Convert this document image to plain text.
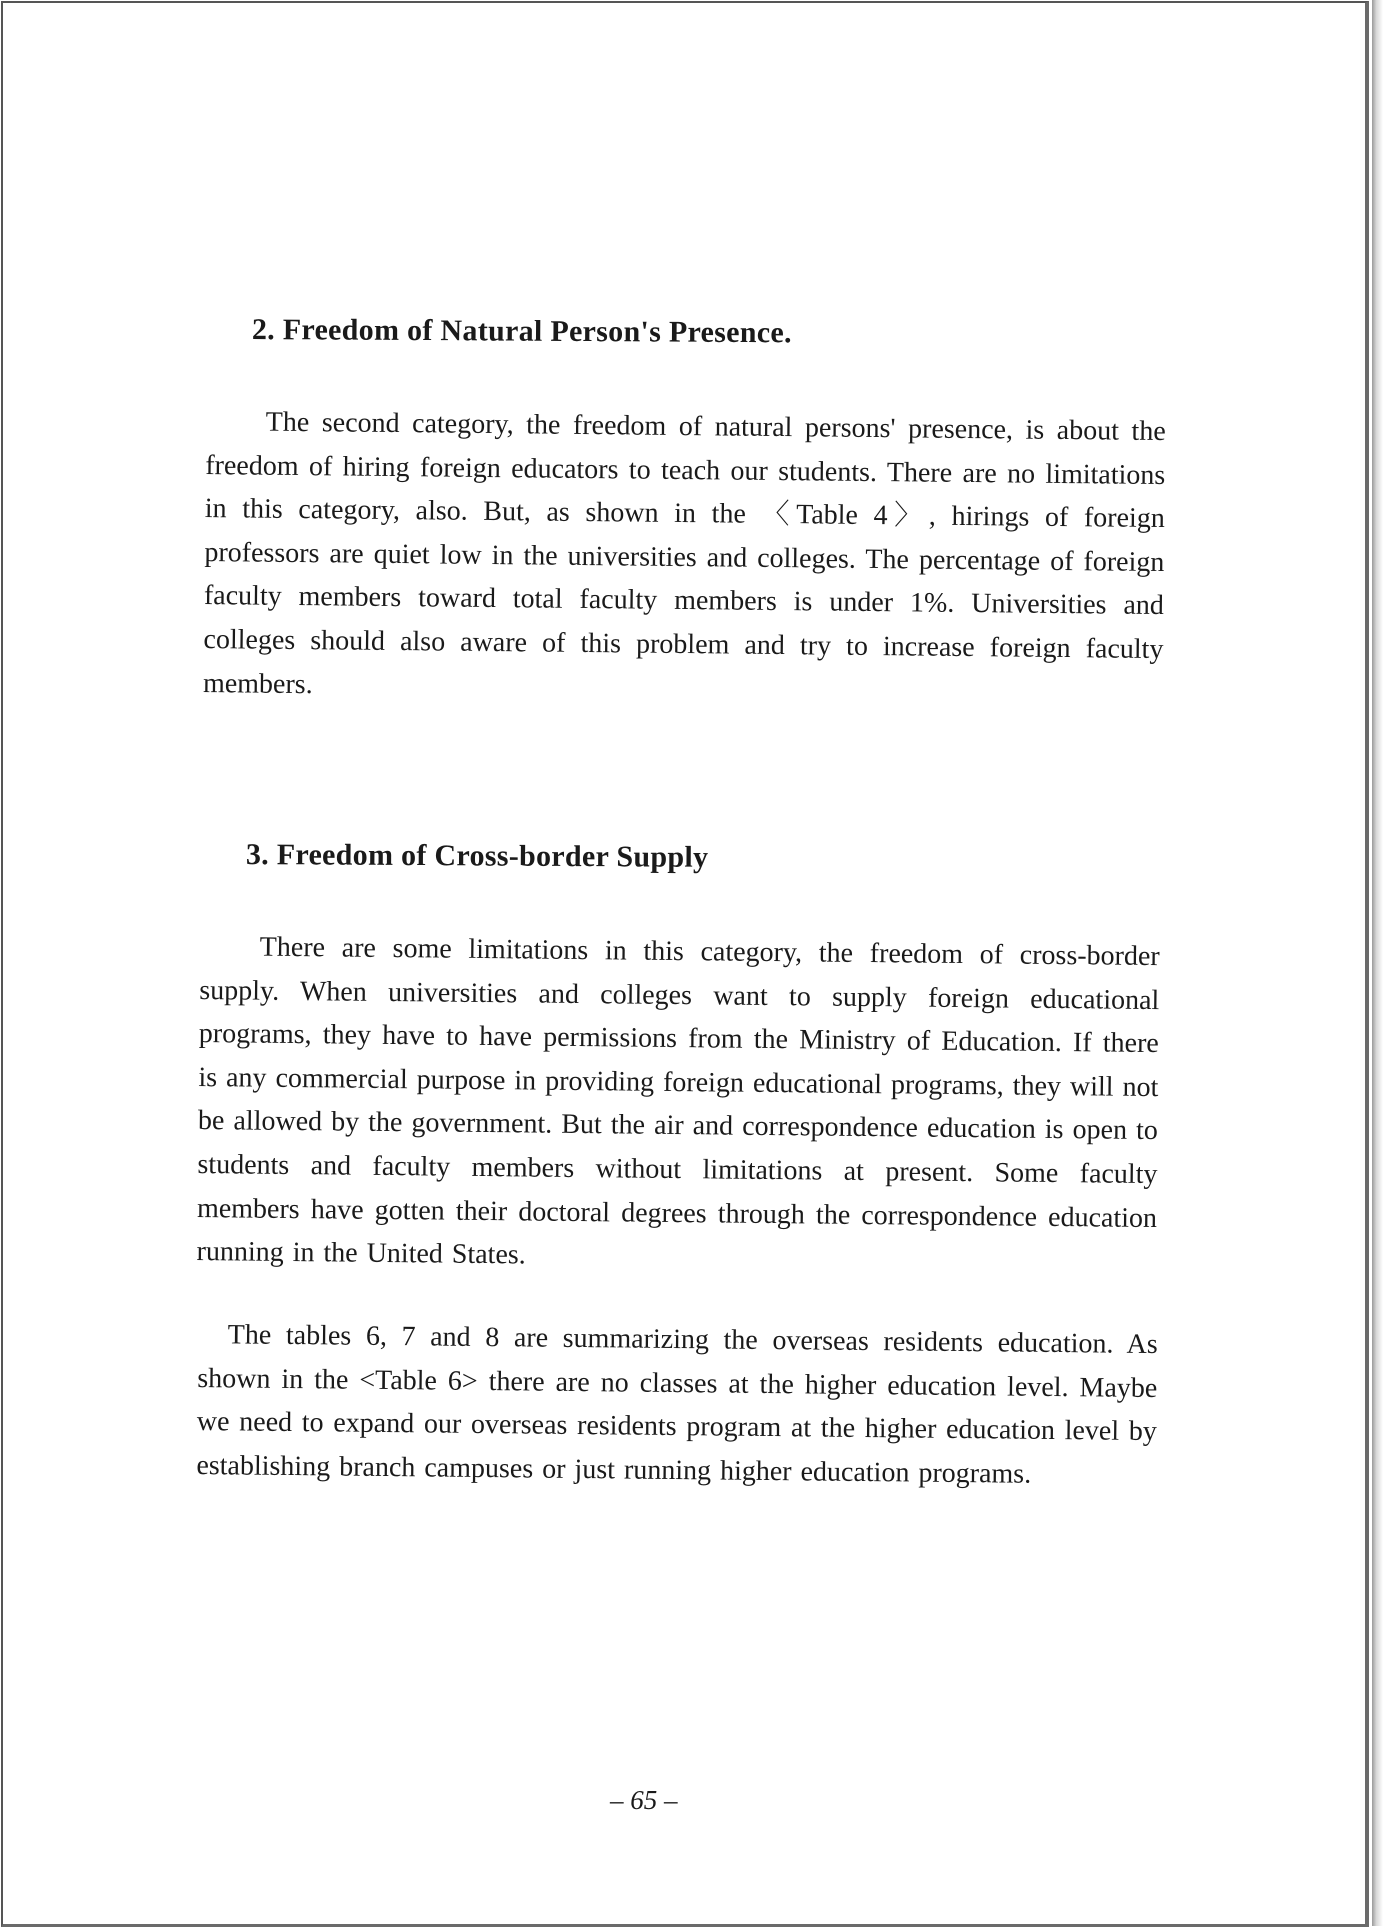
2. Freedom of Natural Person's Presence.

The second category, the freedom of natural persons' presence, is about the freedom of hiring foreign educators to teach our students. There are no limitations in this category, also. But, as shown in the 〈Table 4〉, hirings of foreign professors are quiet low in the universities and colleges. The percentage of foreign faculty members toward total faculty members is under 1%. Universities and colleges should also aware of this problem and try to increase foreign faculty members.

3. Freedom of Cross-border Supply

There are some limitations in this category, the freedom of cross-border supply. When universities and colleges want to supply foreign educational programs, they have to have permissions from the Ministry of Education. If there is any commercial purpose in providing foreign educational programs, they will not be allowed by the government. But the air and correspondence education is open to students and faculty members without limitations at present. Some faculty members have gotten their doctoral degrees through the correspondence education running in the United States.

The tables 6, 7 and 8 are summarizing the overseas residents education. As shown in the <Table 6> there are no classes at the higher education level. Maybe we need to expand our overseas residents program at the higher education level by establishing branch campuses or just running higher education programs.

– 65 –
